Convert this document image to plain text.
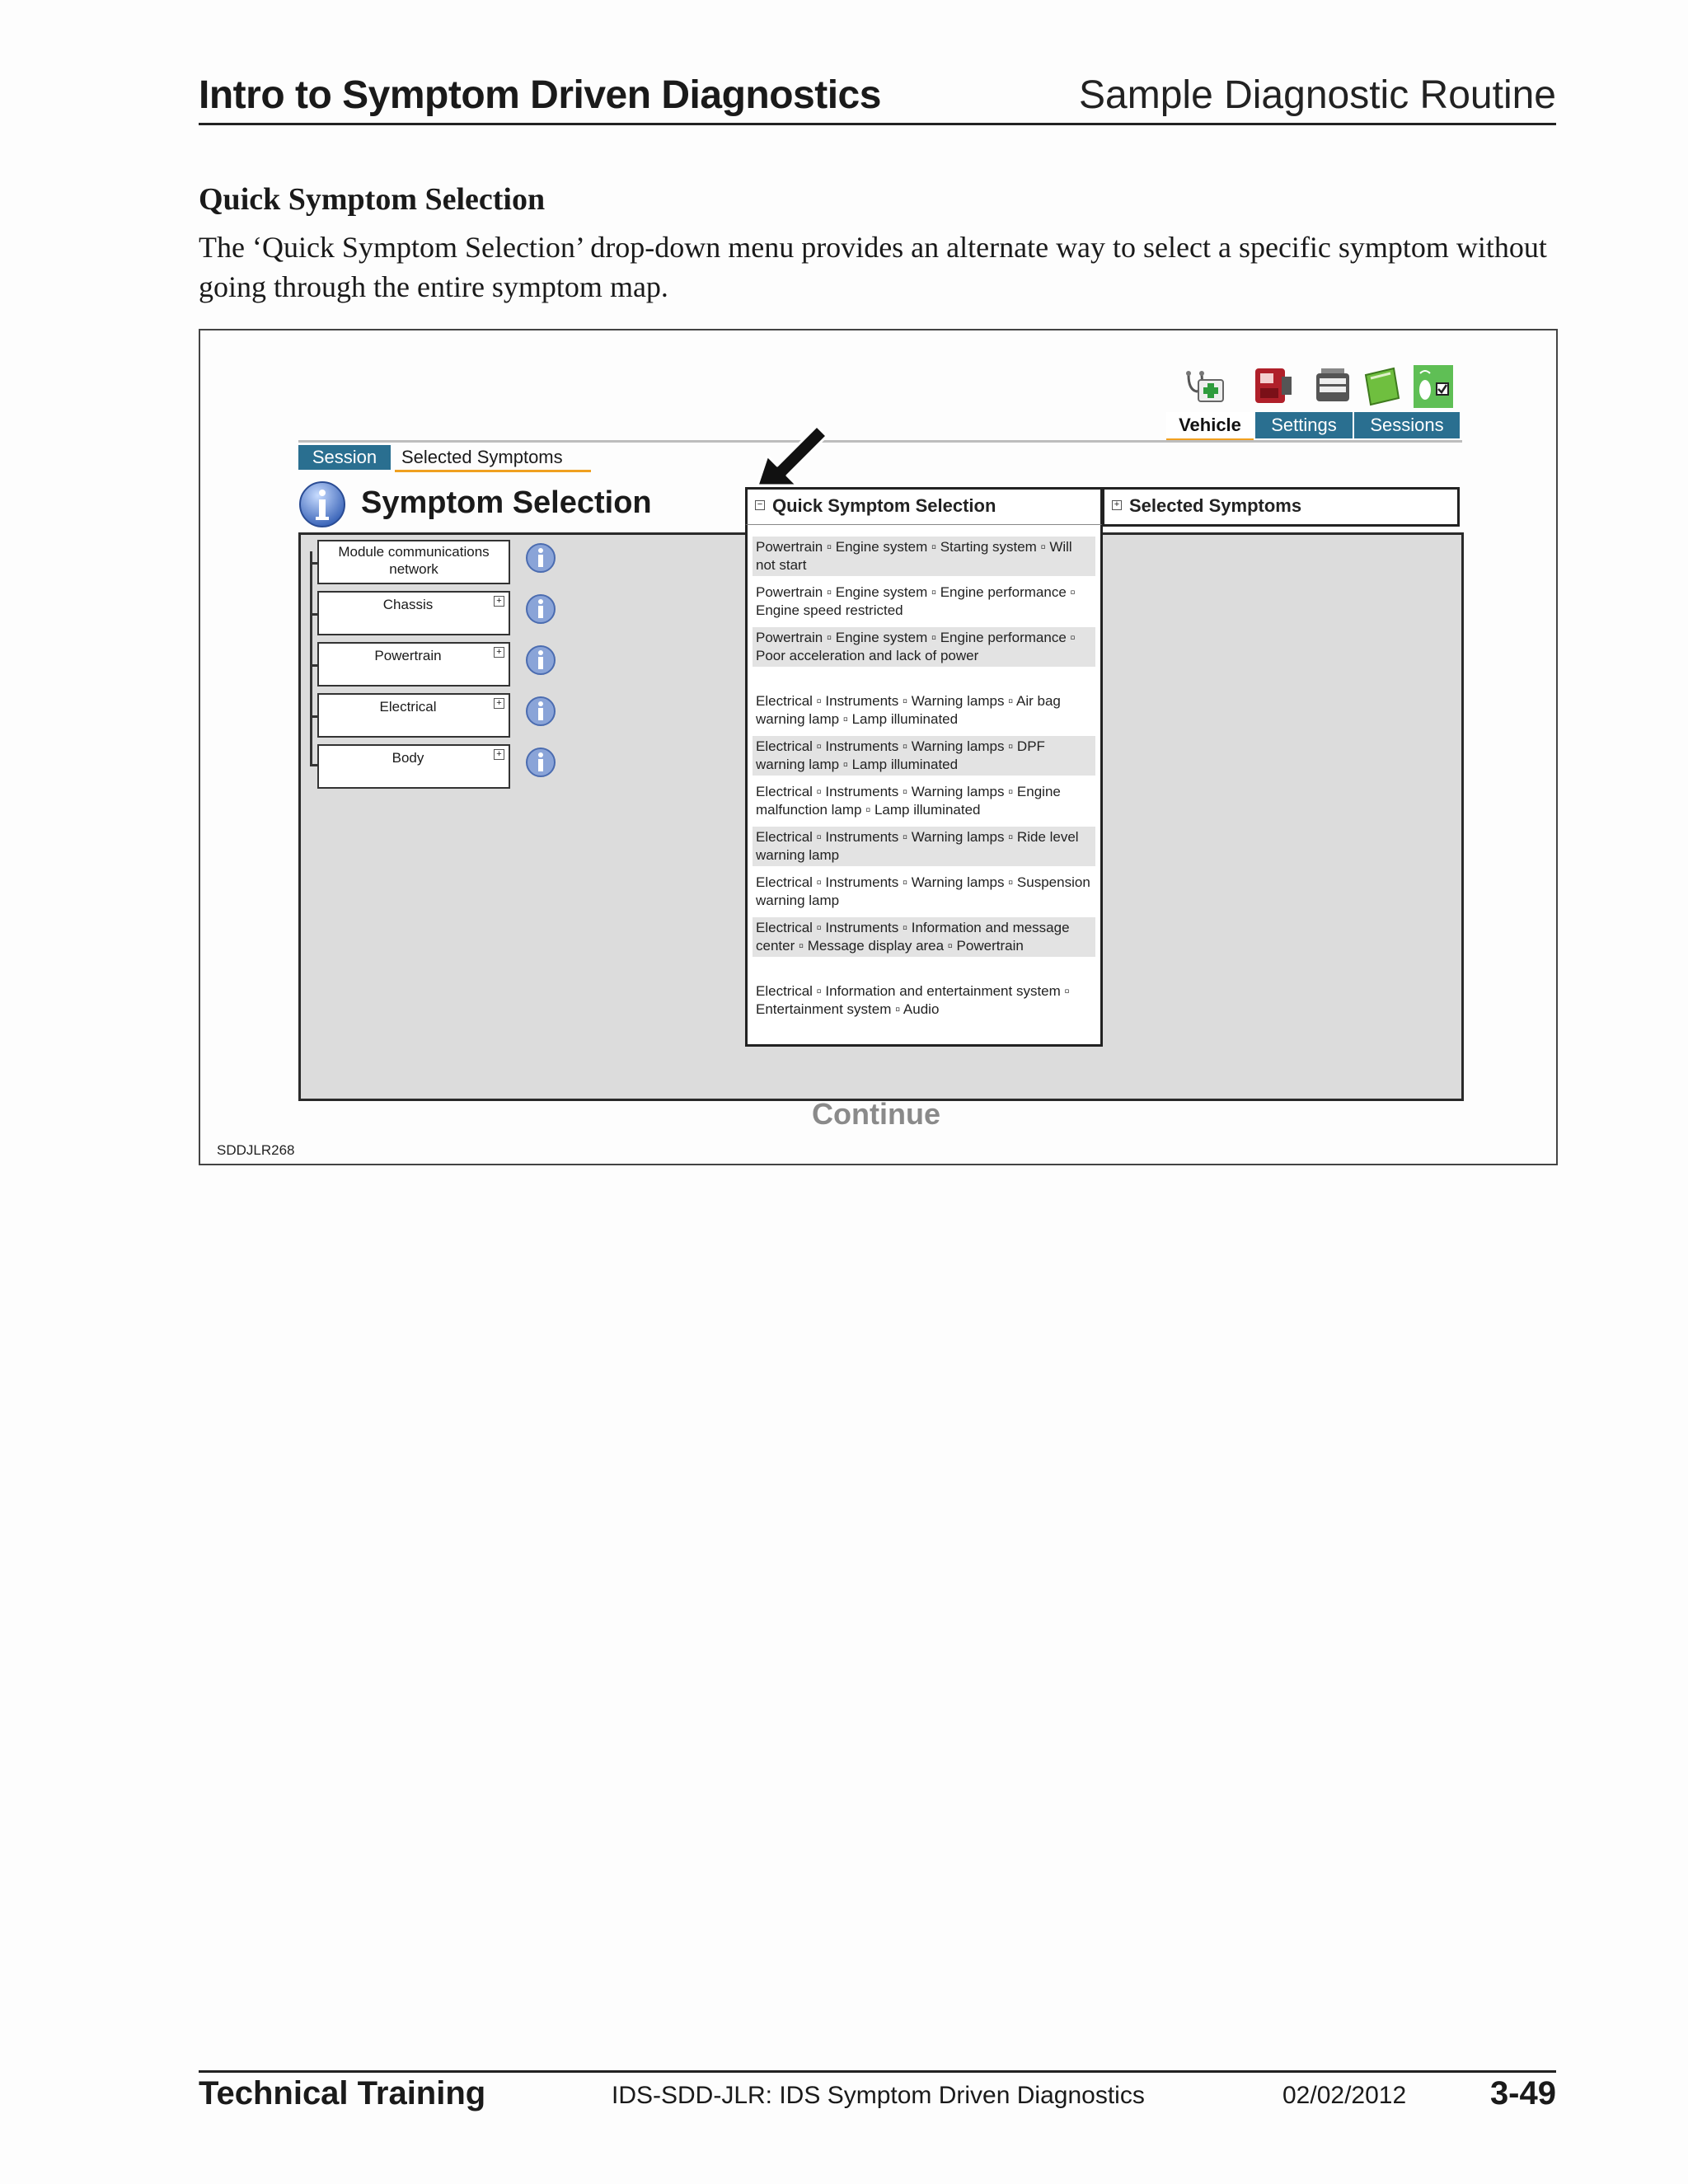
Intro to Symptom Driven Diagnostics	Sample Diagnostic Routine
Quick Symptom Selection
The ‘Quick Symptom Selection’ drop-down menu provides an alternate way to select a specific symptom without going through the entire symptom map.
Vehicle	Settings	Sessions
Session	Selected Symptoms
Symptom Selection
Module communications network
Chassis	+
Powertrain	+
Electrical	+
Body	+
− Quick Symptom Selection
Powertrain ▫ Engine system ▫ Starting system ▫ Will not start
Powertrain ▫ Engine system ▫ Engine performance ▫ Engine speed restricted
Powertrain ▫ Engine system ▫ Engine performance ▫ Poor acceleration and lack of power
Electrical ▫ Instruments ▫ Warning lamps ▫ Air bag warning lamp ▫ Lamp illuminated
Electrical ▫ Instruments ▫ Warning lamps ▫ DPF warning lamp ▫ Lamp illuminated
Electrical ▫ Instruments ▫ Warning lamps ▫ Engine malfunction lamp ▫ Lamp illuminated
Electrical ▫ Instruments ▫ Warning lamps ▫ Ride level warning lamp
Electrical ▫ Instruments ▫ Warning lamps ▫ Suspension warning lamp
Electrical ▫ Instruments ▫ Information and message center ▫ Message display area ▫ Powertrain
Electrical ▫ Information and entertainment system ▫ Entertainment system ▫ Audio
+ Selected Symptoms
Continue
SDDJLR268
Technical Training	IDS-SDD-JLR: IDS Symptom Driven Diagnostics	02/02/2012	3-49
